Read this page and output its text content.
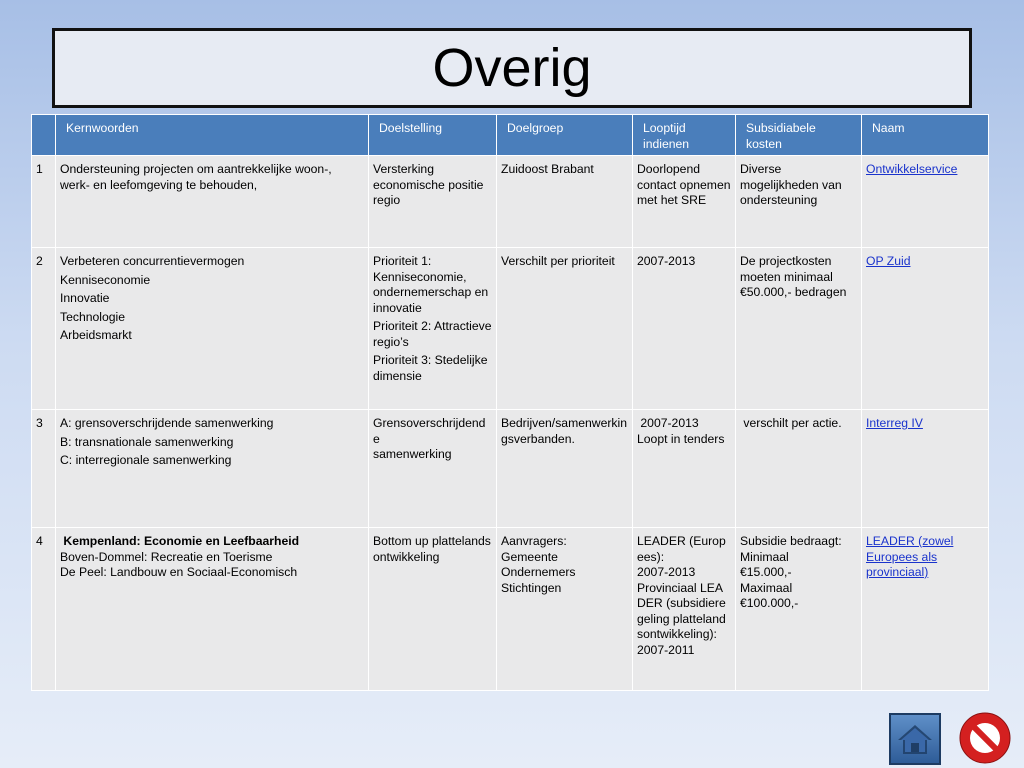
Overig
	Kernwoorden	Doelstelling	Doelgroep	Looptijd indienen	Subsidiabele kosten	Naam
1	Ondersteuning projecten om aantrekkelijke woon-, werk- en leefomgeving te behouden,	Versterking economische positie regio	Zuidoost Brabant	Doorlopend contact opnemen met het SRE	Diverse mogelijkheden van ondersteuning	Ontwikkelservice
2	Verbeteren concurrentievermogen
Kenniseconomie
Innovatie
Technologie
Arbeidsmarkt	Prioriteit 1: Kenniseconomie, ondernemerschap en innovatie
Prioriteit 2: Attractieve regio’s
Prioriteit 3: Stedelijke dimensie	Verschilt per prioriteit	2007-2013	De projectkosten moeten minimaal €50.000,- bedragen	OP Zuid
3	A: grensoverschrijdende samenwerking
B: transnationale samenwerking
C: interregionale samenwerking	Grensoverschrijdende
samenwerking	Bedrijven/samenwerkingsverbanden.	2007-2013
Loopt in tenders	verschilt per actie.	Interreg IV
4	Kempenland: Economie en Leefbaarheid
Boven-Dommel: Recreatie en Toerisme
De Peel: Landbouw en Sociaal-Economisch	Bottom up plattelandsontwikkeling	Aanvragers:
Gemeente
Ondernemers
Stichtingen	LEADER (Europees):
2007-2013
Provinciaal LEADER (subsidieregeling plattelandsontwikkeling):
2007-2011	Subsidie bedraagt:
Minimaal
€15.000,-
Maximaal
€100.000,-	LEADER (zowel Europees als provinciaal)
